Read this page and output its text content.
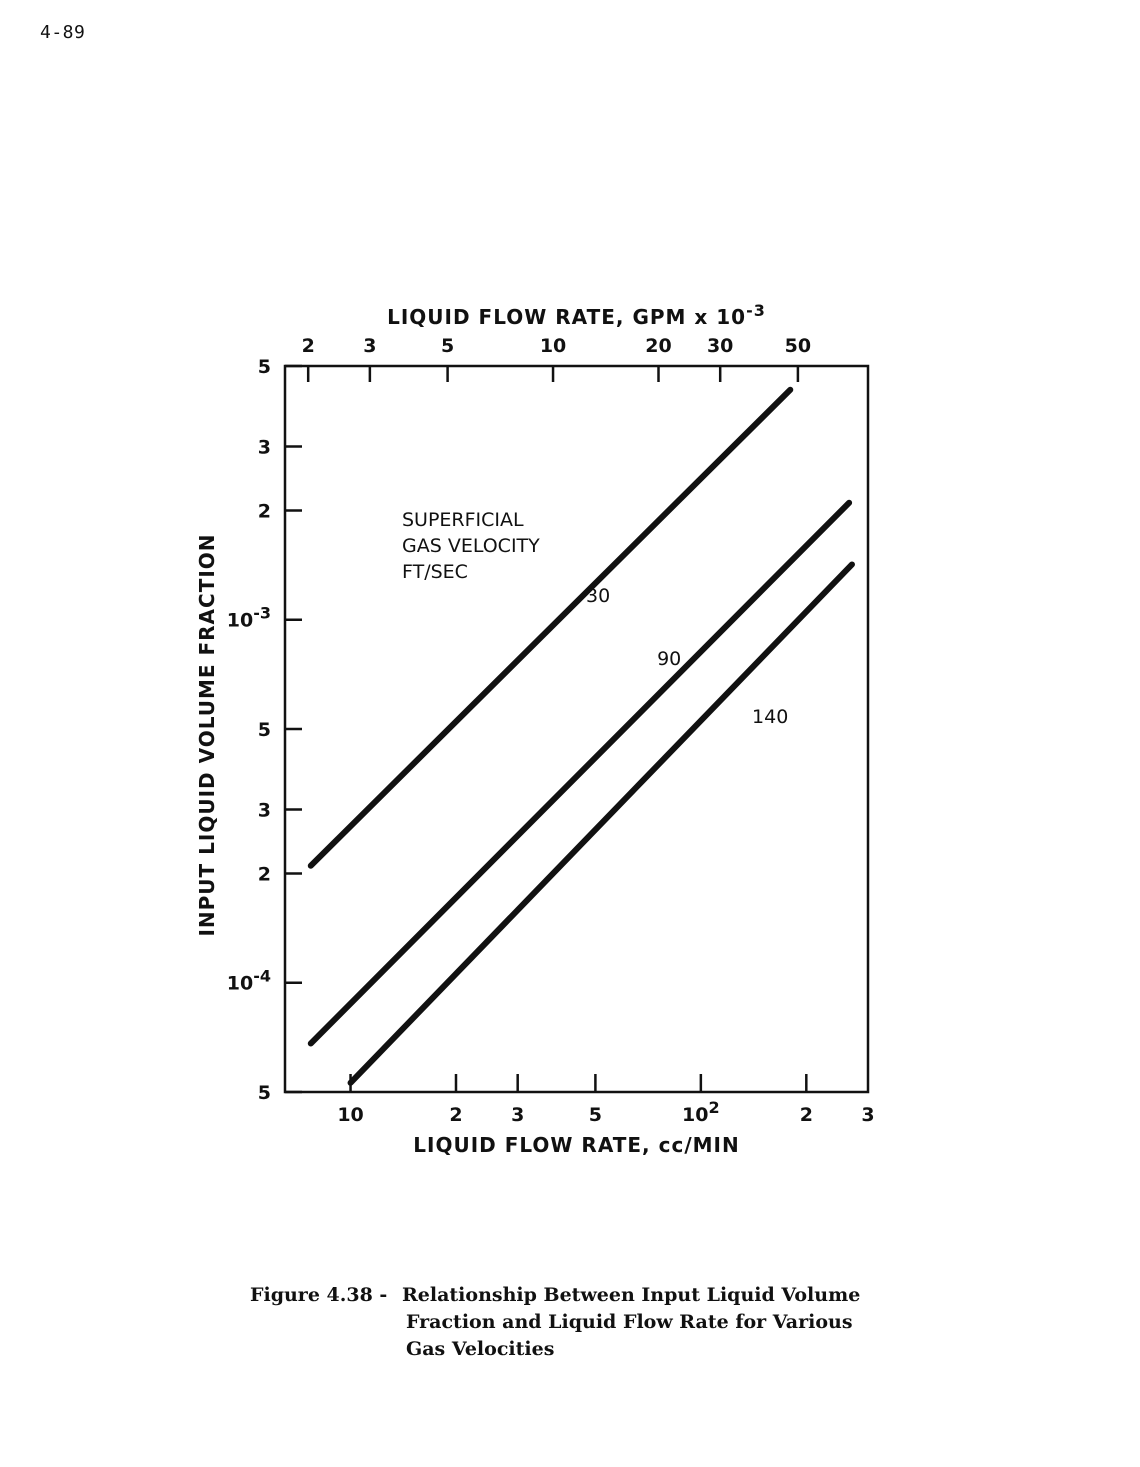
4-89
5
3
2
$10^{-3}$
5
3
2
$10^{-4}$
5
10	2	3	5	$10^2$	2	3
2	3	5	10	20 30	50
LIQUID FLOW RATE, cc/MIN
LIQUID FLOW RATE, GPM x $10^{-3}$
INPUT LIQUID VOLUME FRACTION
SUPERFICIAL
GAS VELOCITY
FT/SEC
30
90
140
Figure 4.38 - Relationship Between Input Liquid Volume
Fraction and Liquid Flow Rate for Various
Gas Velocities
